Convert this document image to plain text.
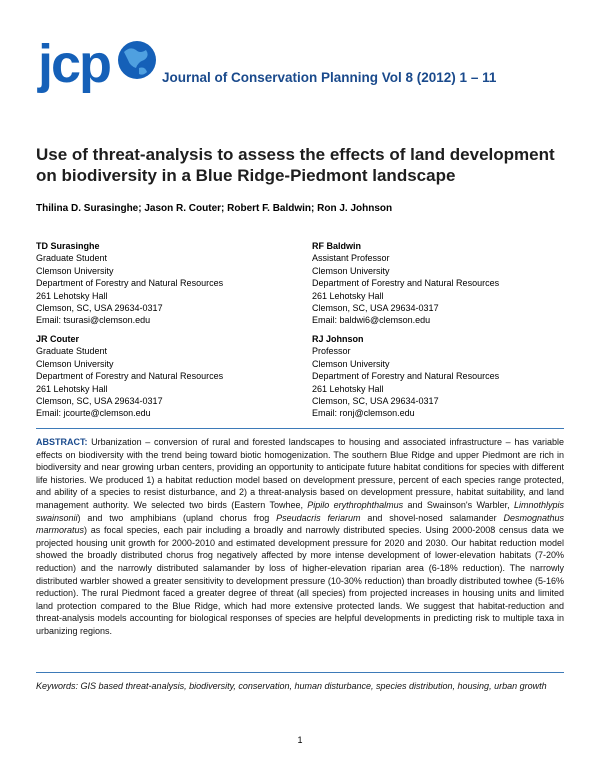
jcp	Journal of Conservation Planning Vol 8 (2012) 1 – 11
Use of threat-analysis to assess the effects of land development on biodiversity in a Blue Ridge-Piedmont landscape
Thilina D. Surasinghe; Jason R. Couter; Robert F. Baldwin; Ron J. Johnson
TD Surasinghe
Graduate Student
Clemson University
Department of Forestry and Natural Resources
261 Lehotsky Hall
Clemson, SC, USA 29634-0317
Email: tsurasi@clemson.edu
RF Baldwin
Assistant Professor
Clemson University
Department of Forestry and Natural Resources
261 Lehotsky Hall
Clemson, SC, USA 29634-0317
Email: baldwi6@clemson.edu
JR Couter
Graduate Student
Clemson University
Department of Forestry and Natural Resources
261 Lehotsky Hall
Clemson, SC, USA 29634-0317
Email: jcourte@clemson.edu
RJ Johnson
Professor
Clemson University
Department of Forestry and Natural Resources
261 Lehotsky Hall
Clemson, SC, USA 29634-0317
Email: ronj@clemson.edu
ABSTRACT: Urbanization – conversion of rural and forested landscapes to housing and associated infrastructure – has variable effects on biodiversity with the trend being toward biotic homogenization. The southern Blue Ridge and upper Piedmont are rich in biodiversity and near growing urban centers, providing an opportunity to anticipate future habitat conditions for species with different life histories. We produced 1) a habitat reduction model based on development pressure, percent of each species range protected, and ability of a species to resist disturbance, and 2) a threat-analysis based on development pressure, habitat suitability, and land management authority. We selected two birds (Eastern Towhee, Pipilo erythrophthalmus and Swainson's Warbler, Limnothlypis swainsonii) and two amphibians (upland chorus frog Pseudacris feriarum and shovel-nosed salamander Desmognathus marmoratus) as focal species, each pair including a broadly and narrowly distributed species. Using 2000-2008 census data we projected housing unit growth for 2000-2010 and estimated development pressure for 2020 and 2030. Our habitat reduction model showed the broadly distributed chorus frog negatively affected by more intense development of lower-elevation habitats (7-20% reduction) and the narrowly distributed salamander by loss of higher-elevation riparian area (6-18% reduction). The narrowly distributed warbler showed a greater sensitivity to development pressure (10-30% reduction) than broadly distributed towhee (5-16% reduction). The rural Piedmont faced a greater degree of threat (all species) from projected increases in housing units and limited land protection compared to the Blue Ridge, which had more extensive protected lands. We suggest that habitat-reduction and threat-analysis models accounting for biological responses of species are helpful developments in predicting risk to multiple taxa in urbanizing regions.
Keywords: GIS based threat-analysis, biodiversity, conservation, human disturbance, species distribution, housing, urban growth
1
